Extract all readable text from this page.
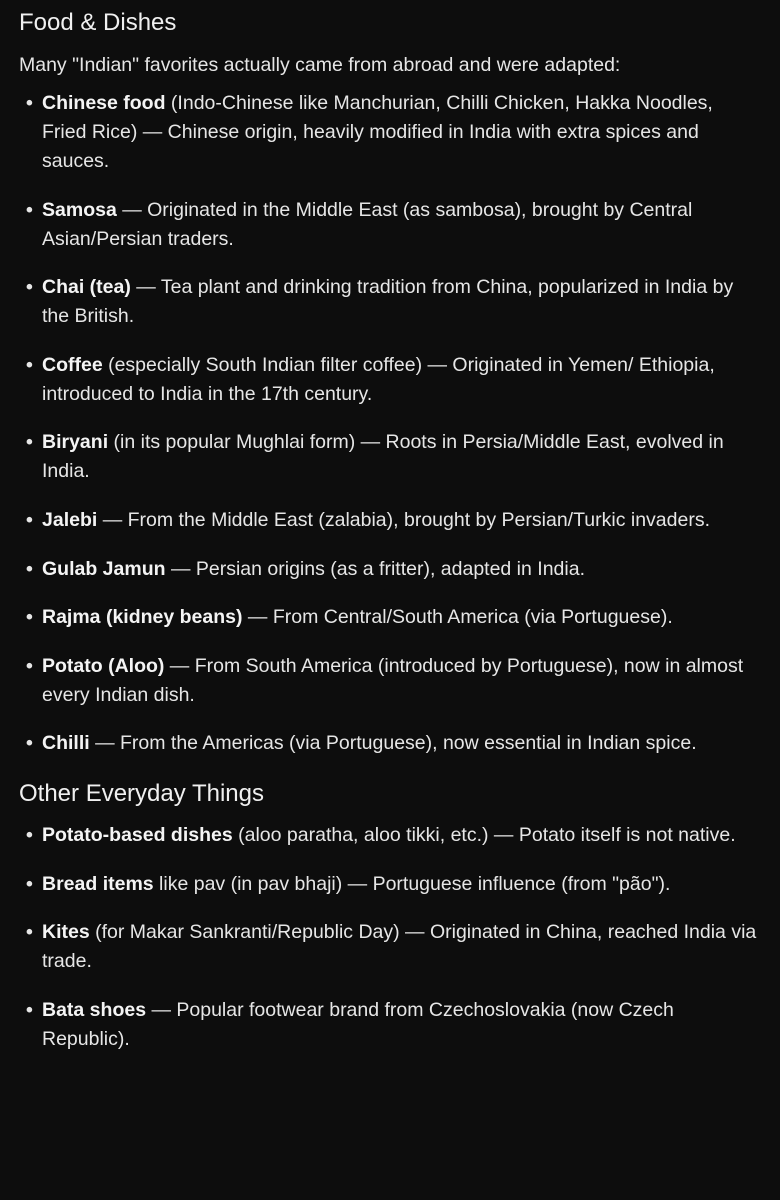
Food & Dishes

Many "Indian" favorites actually came from abroad and were adapted:

• Chinese food (Indo-Chinese like Manchurian, Chilli Chicken, Hakka Noodles, Fried Rice) — Chinese origin, heavily modified in India with extra spices and sauces.
• Samosa — Originated in the Middle East (as sambosa), brought by Central Asian/Persian traders.
• Chai (tea) — Tea plant and drinking tradition from China, popularized in India by the British.
• Coffee (especially South Indian filter coffee) — Originated in Yemen/ Ethiopia, introduced to India in the 17th century.
• Biryani (in its popular Mughlai form) — Roots in Persia/Middle East, evolved in India.
• Jalebi — From the Middle East (zalabia), brought by Persian/Turkic invaders.
• Gulab Jamun — Persian origins (as a fritter), adapted in India.
• Rajma (kidney beans) — From Central/South America (via Portuguese).
• Potato (Aloo) — From South America (introduced by Portuguese), now in almost every Indian dish.
• Chilli — From the Americas (via Portuguese), now essential in Indian spice.
Other Everyday Things
• Potato-based dishes (aloo paratha, aloo tikki, etc.) — Potato itself is not native.
• Bread items like pav (in pav bhaji) — Portuguese influence (from "pão").
• Kites (for Makar Sankranti/Republic Day) — Originated in China, reached India via trade.
• Bata shoes — Popular footwear brand from Czechoslovakia (now Czech Republic).
